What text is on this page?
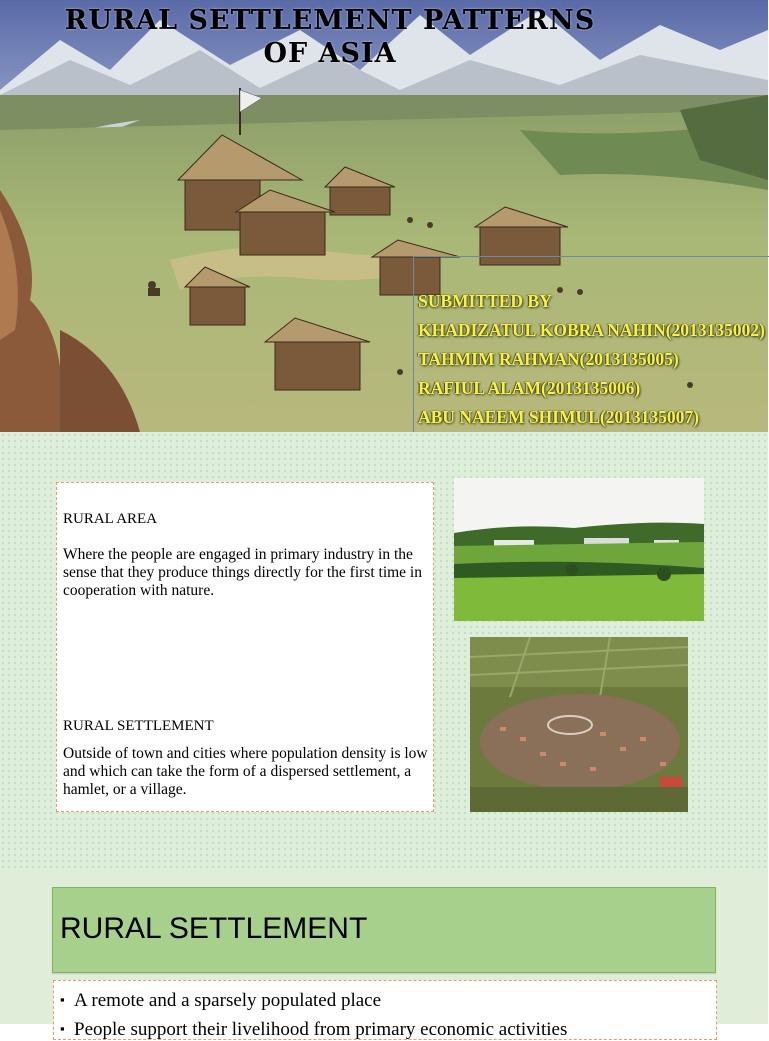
RURAL SETTLEMENT PATTERNS
OF ASIA
SUBMITTED BY
KHADIZATUL KOBRA NAHIN(2013135002)
TAHMIM RAHMAN(2013135005)
RAFIUL ALAM(2013135006)
ABU NAEEM SHIMUL(2013135007)
RURAL AREA
Where the people are engaged in primary industry in the sense that they produce things directly for the first time in cooperation with nature.
RURAL SETTLEMENT
Outside of town and cities where population density is low and which can take the form of a dispersed settlement, a hamlet, or a village.
RURAL SETTLEMENT
▪ A remote and a sparsely populated place
▪ People support their livelihood from primary economic activities
